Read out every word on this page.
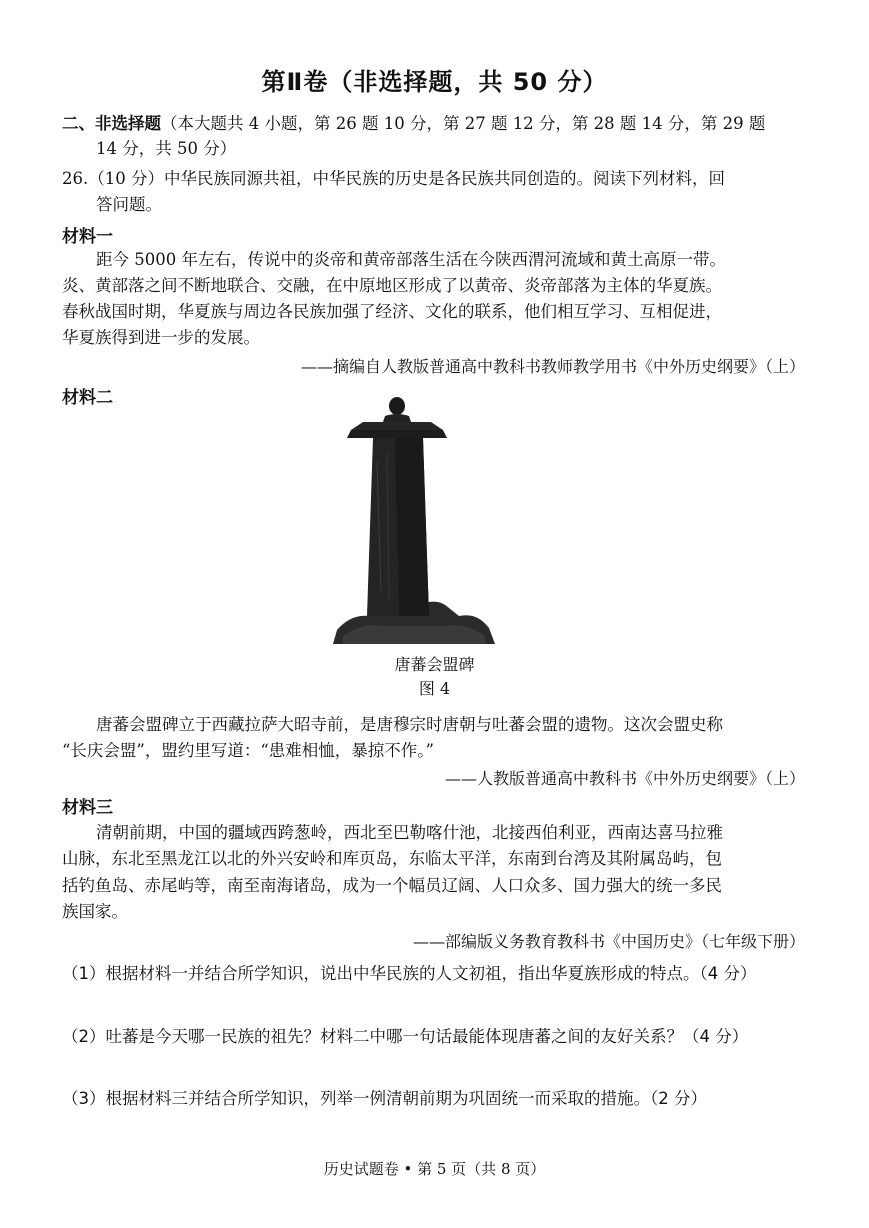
第Ⅱ卷（非选择题，共 50 分）
二、非选择题（本大题共 4 小题，第 26 题 10 分，第 27 题 12 分，第 28 题 14 分，第 29 题
14 分，共 50 分）
26.（10 分）中华民族同源共祖，中华民族的历史是各民族共同创造的。阅读下列材料，回
答问题。
材料一
距今 5000 年左右，传说中的炎帝和黄帝部落生活在今陕西渭河流域和黄土高原一带。
炎、黄部落之间不断地联合、交融，在中原地区形成了以黄帝、炎帝部落为主体的华夏族。
春秋战国时期，华夏族与周边各民族加强了经济、文化的联系，他们相互学习、互相促进，
华夏族得到进一步的发展。
——摘编自人教版普通高中教科书教师教学用书《中外历史纲要》（上）
材料二
唐蕃会盟碑
图 4
唐蕃会盟碑立于西藏拉萨大昭寺前，是唐穆宗时唐朝与吐蕃会盟的遗物。这次会盟史称
“长庆会盟”，盟约里写道：“患难相恤，暴掠不作。”
——人教版普通高中教科书《中外历史纲要》（上）
材料三
清朝前期，中国的疆域西跨葱岭，西北至巴勒喀什池，北接西伯利亚，西南达喜马拉雅
山脉，东北至黑龙江以北的外兴安岭和库页岛，东临太平洋，东南到台湾及其附属岛屿，包
括钓鱼岛、赤尾屿等，南至南海诸岛，成为一个幅员辽阔、人口众多、国力强大的统一多民
族国家。
——部编版义务教育教科书《中国历史》（七年级下册）
（1）根据材料一并结合所学知识，说出中华民族的人文初祖，指出华夏族形成的特点。（4 分）
（2）吐蕃是今天哪一民族的祖先？材料二中哪一句话最能体现唐蕃之间的友好关系？（4 分）
（3）根据材料三并结合所学知识，列举一例清朝前期为巩固统一而采取的措施。（2 分）
历史试题卷 • 第 5 页（共 8 页）
